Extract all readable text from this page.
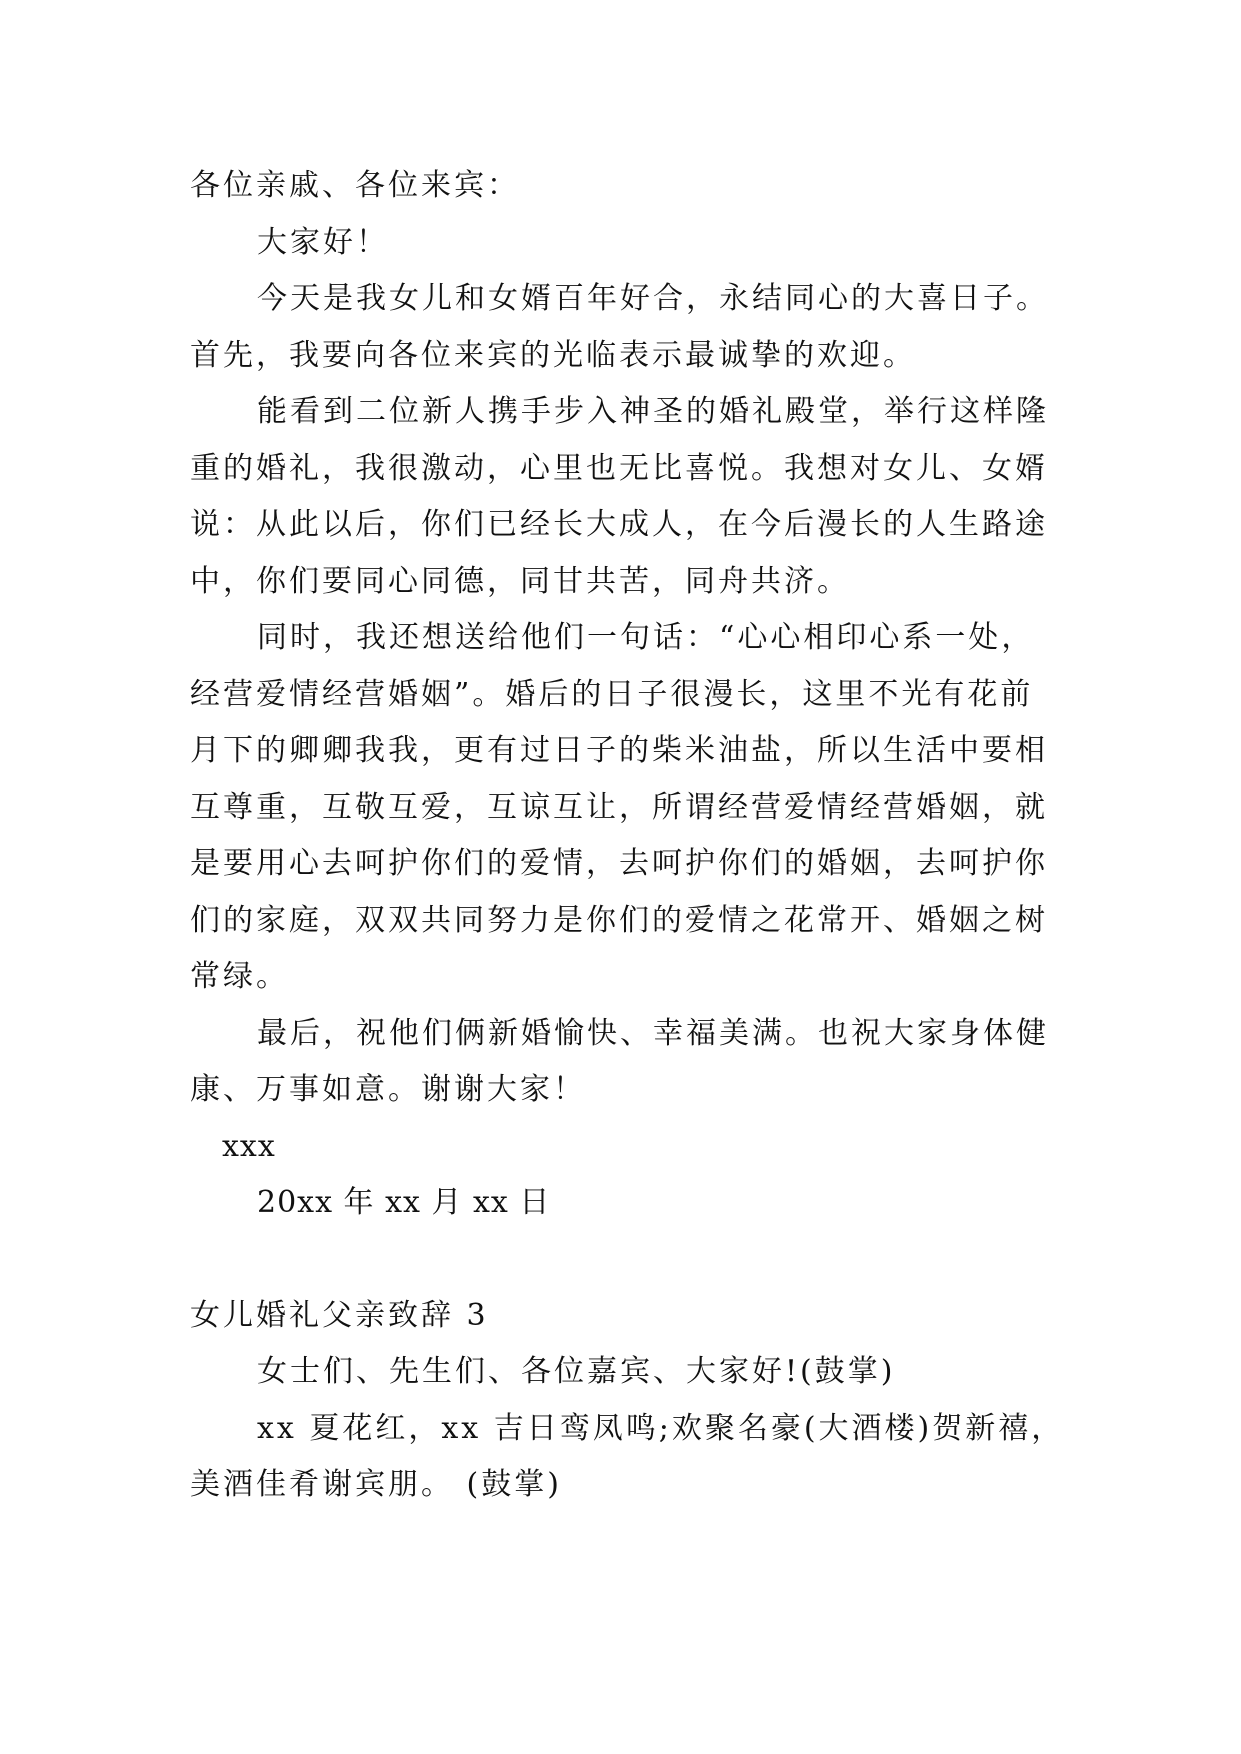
各位亲戚、各位来宾：

大家好！

今天是我女儿和女婿百年好合，永结同心的大喜日子。

首先，我要向各位来宾的光临表示最诚挚的欢迎。

能看到二位新人携手步入神圣的婚礼殿堂，举行这样隆

重的婚礼，我很激动，心里也无比喜悦。我想对女儿、女婿

说：从此以后，你们已经长大成人，在今后漫长的人生路途

中，你们要同心同德，同甘共苦，同舟共济。

同时，我还想送给他们一句话：“心心相印心系一处，

经营爱情经营婚姻”。婚后的日子很漫长，这里不光有花前

月下的卿卿我我，更有过日子的柴米油盐，所以生活中要相

互尊重，互敬互爱，互谅互让，所谓经营爱情经营婚姻，就

是要用心去呵护你们的爱情，去呵护你们的婚姻，去呵护你

们的家庭，双双共同努力是你们的爱情之花常开、婚姻之树

常绿。

最后，祝他们俩新婚愉快、幸福美满。也祝大家身体健

康、万事如意。谢谢大家！

xxx

20xx 年 xx 月 xx 日

女儿婚礼父亲致辞 3

女士们、先生们、各位嘉宾、大家好!(鼓掌)

xx 夏花红，xx 吉日鸾凤鸣;欢聚名豪(大酒楼)贺新禧，

美酒佳肴谢宾朋。 (鼓掌)
